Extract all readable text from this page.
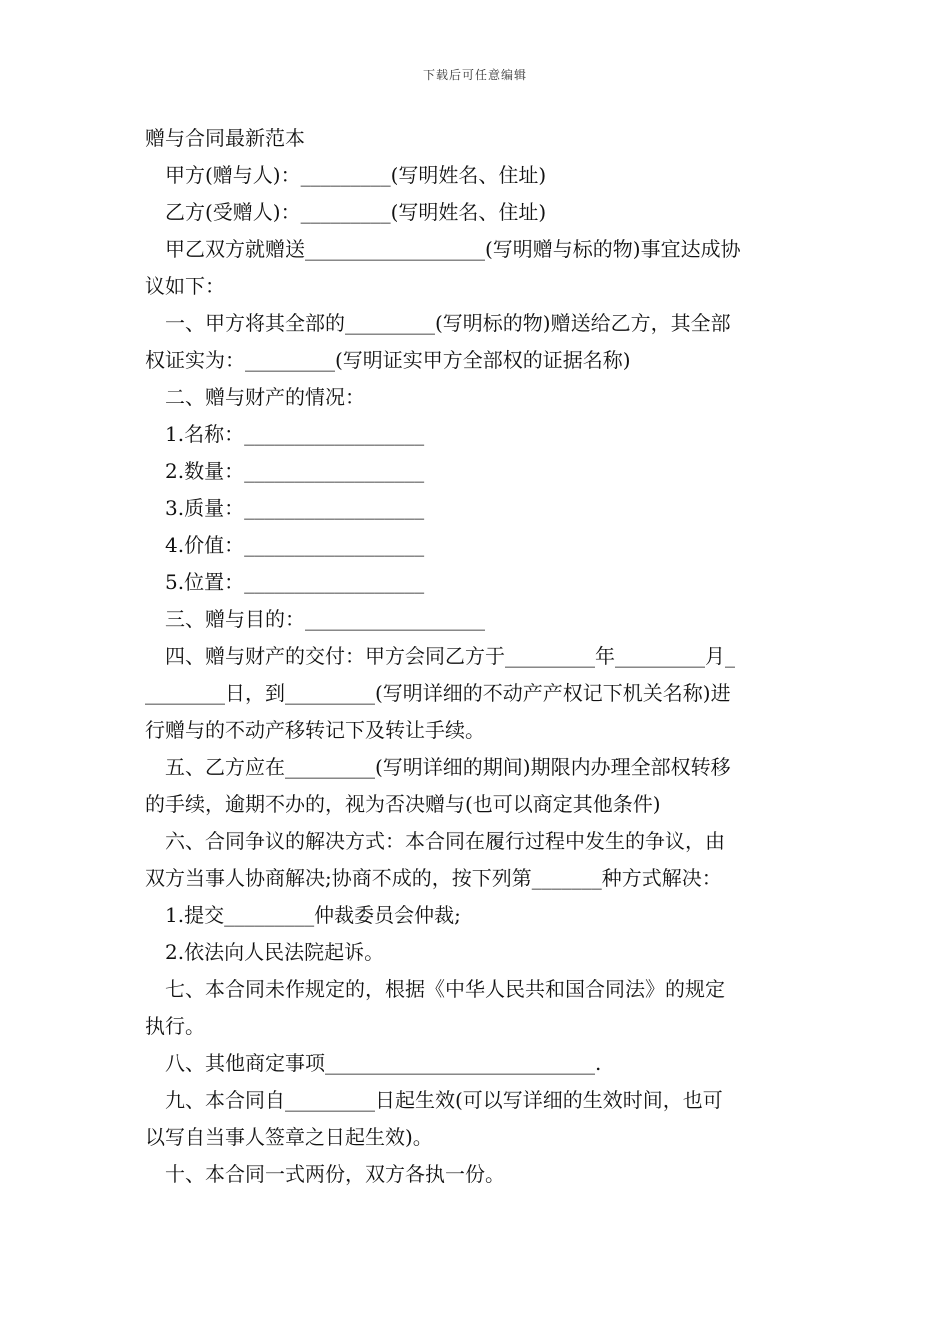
下载后可任意编辑
赠与合同最新范本
甲方(赠与人)：_________(写明姓名、住址)
乙方(受赠人)：_________(写明姓名、住址)
甲乙双方就赠送__________________(写明赠与标的物)事宜达成协
议如下：
一、甲方将其全部的_________(写明标的物)赠送给乙方，其全部
权证实为：_________(写明证实甲方全部权的证据名称)
二、赠与财产的情况：
1.名称：__________________
2.数量：__________________
3.质量：__________________
4.价值：__________________
5.位置：__________________
三、赠与目的：__________________
四、赠与财产的交付：甲方会同乙方于_________年_________月_
________日，到_________(写明详细的不动产产权记下机关名称)进
行赠与的不动产移转记下及转让手续。
五、乙方应在_________(写明详细的期间)期限内办理全部权转移
的手续，逾期不办的，视为否决赠与(也可以商定其他条件)
六、合同争议的解决方式：本合同在履行过程中发生的争议，由
双方当事人协商解决;协商不成的，按下列第_______种方式解决：
1.提交_________仲裁委员会仲裁;
2.依法向人民法院起诉。
七、本合同未作规定的，根据《中华人民共和国合同法》的规定
执行。
八、其他商定事项___________________________.
九、本合同自_________日起生效(可以写详细的生效时间，也可
以写自当事人签章之日起生效)。
十、本合同一式两份，双方各执一份。
